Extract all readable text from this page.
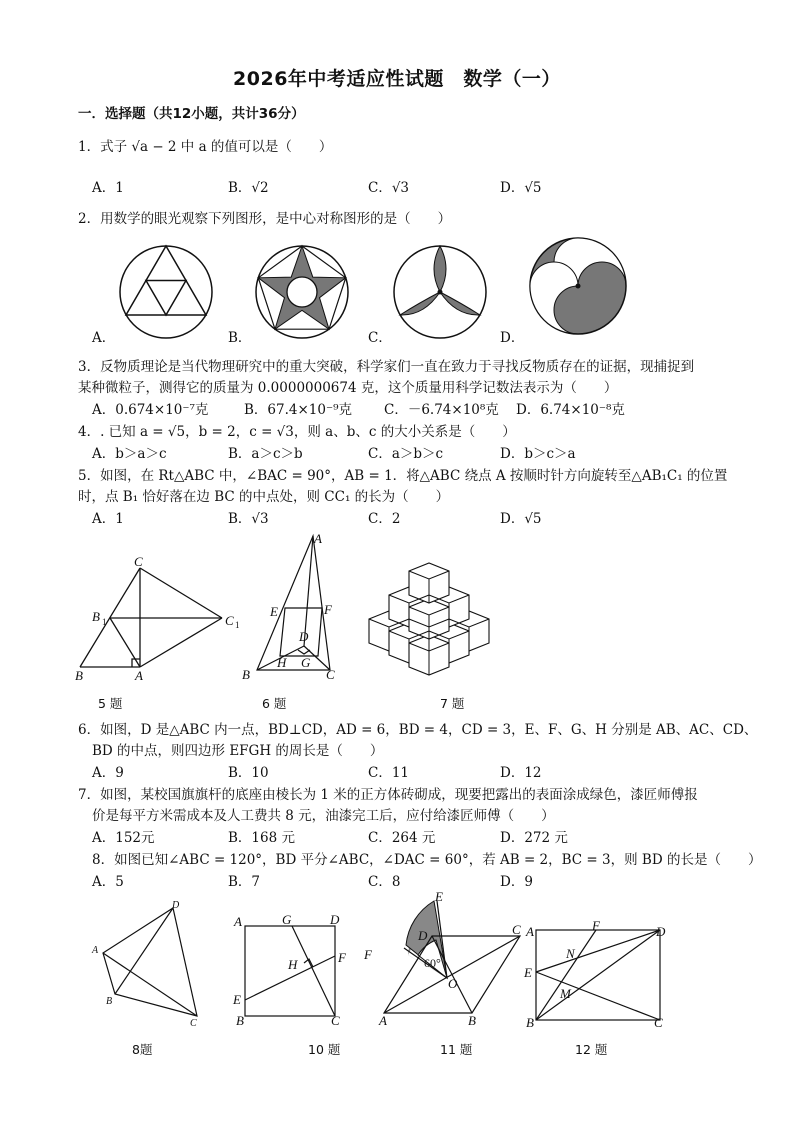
2026年中考适应性试题　数学（一）
一．选择题（共12小题，共计36分）
1．式子 √a − 2 中 a 的值可以是（　　）
A．1	B．√2	C．√3	D．√5
2．用数学的眼光观察下列图形，是中心对称图形的是（　　）
A．	B．	C．	D．
3．反物质理论是当代物理研究中的重大突破，科学家们一直在致力于寻找反物质存在的证据，现捕捉到
某种微粒子，测得它的质量为 0.0000000674 克，这个质量用科学记数法表示为（　　）
A．0.674×10⁻⁷克	B．67.4×10⁻⁹克 C．－6.74×10⁸克 D．6.74×10⁻⁸克
4．. 已知 a = √5，b = 2，c = √3，则 a、b、c 的大小关系是（　　）
A．b＞a＞c	B．a＞c＞b	C．a＞b＞c	D．b＞c＞a
5．如图，在 Rt△ABC 中，∠BAC = 90°，AB = 1．将△ABC 绕点 A 按顺时针方向旋转至△AB₁C₁ 的位置
时，点 B₁ 恰好落在边 BC 的中点处，则 CC₁ 的长为（　　）
A．1	B．√3	C．2	D．√5
C
B 1	C 1
B	A
A
E	F
D
H G
B	C
5 题	6 题	7 题
6．如图，D 是△ABC 内一点，BD⊥CD，AD = 6，BD = 4，CD = 3，E、F、G、H 分别是 AB、AC、CD、
BD 的中点，则四边形 EFGH 的周长是（　　）
A．9	B．10	C．11	D．12
7．如图，某校国旗旗杆的底座由棱长为 1 米的正方体砖砌成，现要把露出的表面涂成绿色，漆匠师傅报
价是每平方米需成本及人工费共 8 元，油漆完工后，应付给漆匠师傅（　　）
A．152元	B．168 元	C．264 元	D．272 元
8．如图已知∠ABC = 120°，BD 平分∠ABC，∠DAC = 60°，若 AB = 2，BC = 3，则 BD 的长是（　　）
A．5	B．7	C．8	D．9
A
D
B
C
A	G	D
F
H
E
B	C
E
D
F
60°
O
C
A	B
A	F	D
N
E
M
B	C
8题	10 题	11 题	12 题
